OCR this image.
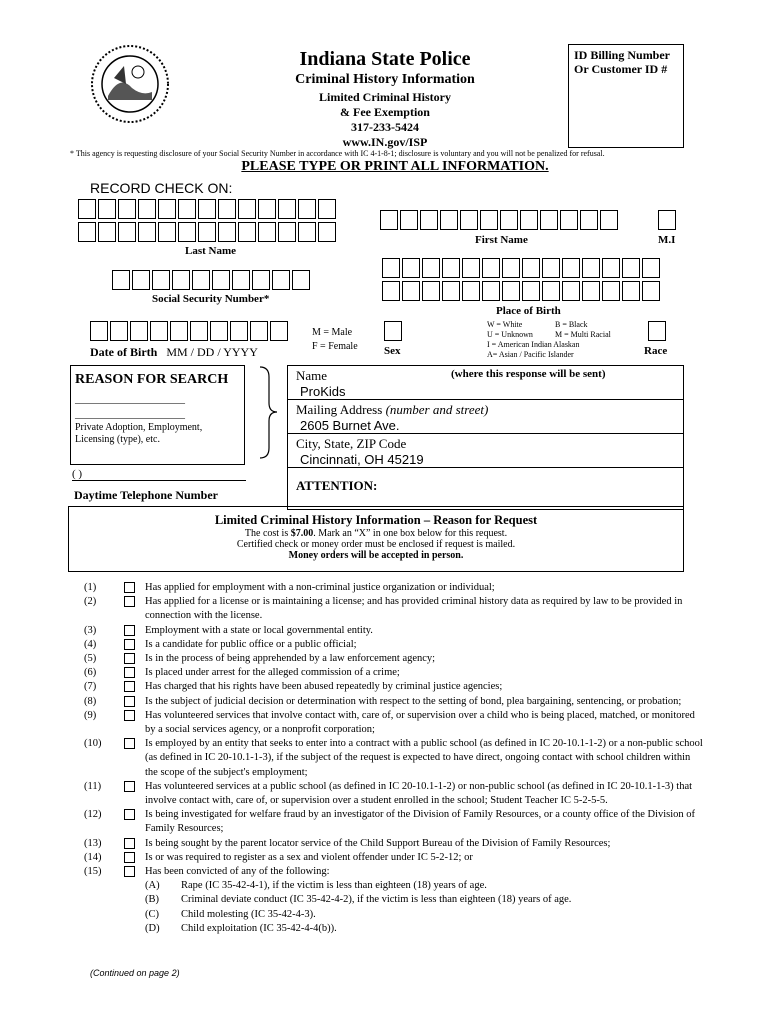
Indiana State Police
Criminal History Information
Limited Criminal History
& Fee Exemption
317-233-5424
www.IN.gov/ISP
ID Billing Number
Or Customer ID #
* This agency is requesting disclosure of your Social Security Number in accordance with IC 4-1-8-1; disclosure is voluntary and you will not be penalized for refusal.
PLEASE TYPE OR PRINT ALL INFORMATION.
RECORD CHECK ON:
Last Name
First Name	M.I
Social Security Number*
Place of Birth
Date of Birth MM / DD / YYYY
M = Male
F = Female Sex
W = White	B = Black
U = Unknown	M = Multi Racial
I = American Indian Alaskan
A= Asian / Pacific Islander	Race
REASON FOR SEARCH
______________________
______________________
Private Adoption, Employment, Licensing (type), etc.
( )
Daytime Telephone Number
Name	(where this response will be sent)
ProKids
Mailing Address (number and street)
2605 Burnet Ave.
City, State, ZIP Code
Cincinnati, OH 45219
ATTENTION:
Limited Criminal History Information – Reason for Request
The cost is $7.00. Mark an “X” in one box below for this request.
Certified check or money order must be enclosed if request is mailed.
Money orders will be accepted in person.
(1)	Has applied for employment with a non-criminal justice organization or individual;
(2)	Has applied for a license or is maintaining a license; and has provided criminal history data as required by law to be provided in connection with the license.
(3)	Employment with a state or local governmental entity.
(4)	Is a candidate for public office or a public official;
(5)	Is in the process of being apprehended by a law enforcement agency;
(6)	Is placed under arrest for the alleged commission of a crime;
(7)	Has charged that his rights have been abused repeatedly by criminal justice agencies;
(8)	Is the subject of judicial decision or determination with respect to the setting of bond, plea bargaining, sentencing, or probation;
(9)	Has volunteered services that involve contact with, care of, or supervision over a child who is being placed, matched, or monitored by a social services agency, or a nonprofit corporation;
(10)	Is employed by an entity that seeks to enter into a contract with a public school (as defined in IC 20-10.1-1-2) or a non-public school (as defined in IC 20-10.1-1-3), if the subject of the request is expected to have direct, ongoing contact with school children within the scope of the subject's employment;
(11)	Has volunteered services at a public school (as defined in IC 20-10.1-1-2) or non-public school (as defined in IC 20-10.1-1-3) that involve contact with, care of, or supervision over a student enrolled in the school; Student Teacher IC 5-2-5-5.
(12)	Is being investigated for welfare fraud by an investigator of the Division of Family Resources, or a county office of the Division of Family Resources;
(13)	Is being sought by the parent locator service of the Child Support Bureau of the Division of Family Resources;
(14)	Is or was required to register as a sex and violent offender under IC 5-2-12; or
(15)	Has been convicted of any of the following:
(A)	Rape (IC 35-42-4-1), if the victim is less than eighteen (18) years of age.
(B)	Criminal deviate conduct (IC 35-42-4-2), if the victim is less than eighteen (18) years of age.
(C)	Child molesting (IC 35-42-4-3).
(D)	Child exploitation (IC 35-42-4-4(b)).
(Continued on page 2)
